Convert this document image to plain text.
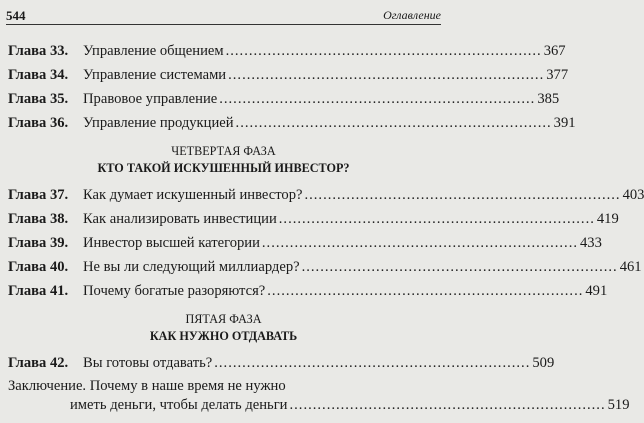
544	Оглавление
Глава 33.	Управление общением .................................................................... 367
Глава 34.	Управление системами .................................................................... 377
Глава 35.	Правовое управление .................................................................... 385
Глава 36.	Управление продукцией .................................................................... 391
ЧЕТВЕРТАЯ ФАЗА
КТО ТАКОЙ ИСКУШЕННЫЙ ИНВЕСТОР?
Глава 37.	Как думает искушенный инвестор? .................................................................... 403
Глава 38.	Как анализировать инвестиции .................................................................... 419
Глава 39.	Инвестор высшей категории .................................................................... 433
Глава 40.	Не вы ли следующий миллиардер? .................................................................... 461
Глава 41.	Почему богатые разоряются? .................................................................... 491
ПЯТАЯ ФАЗА
КАК НУЖНО ОТДАВАТЬ
Глава 42.	Вы готовы отдавать? .................................................................... 509
Заключение. Почему в наше время не нужно
иметь деньги, чтобы делать деньги .................................................................... 519
